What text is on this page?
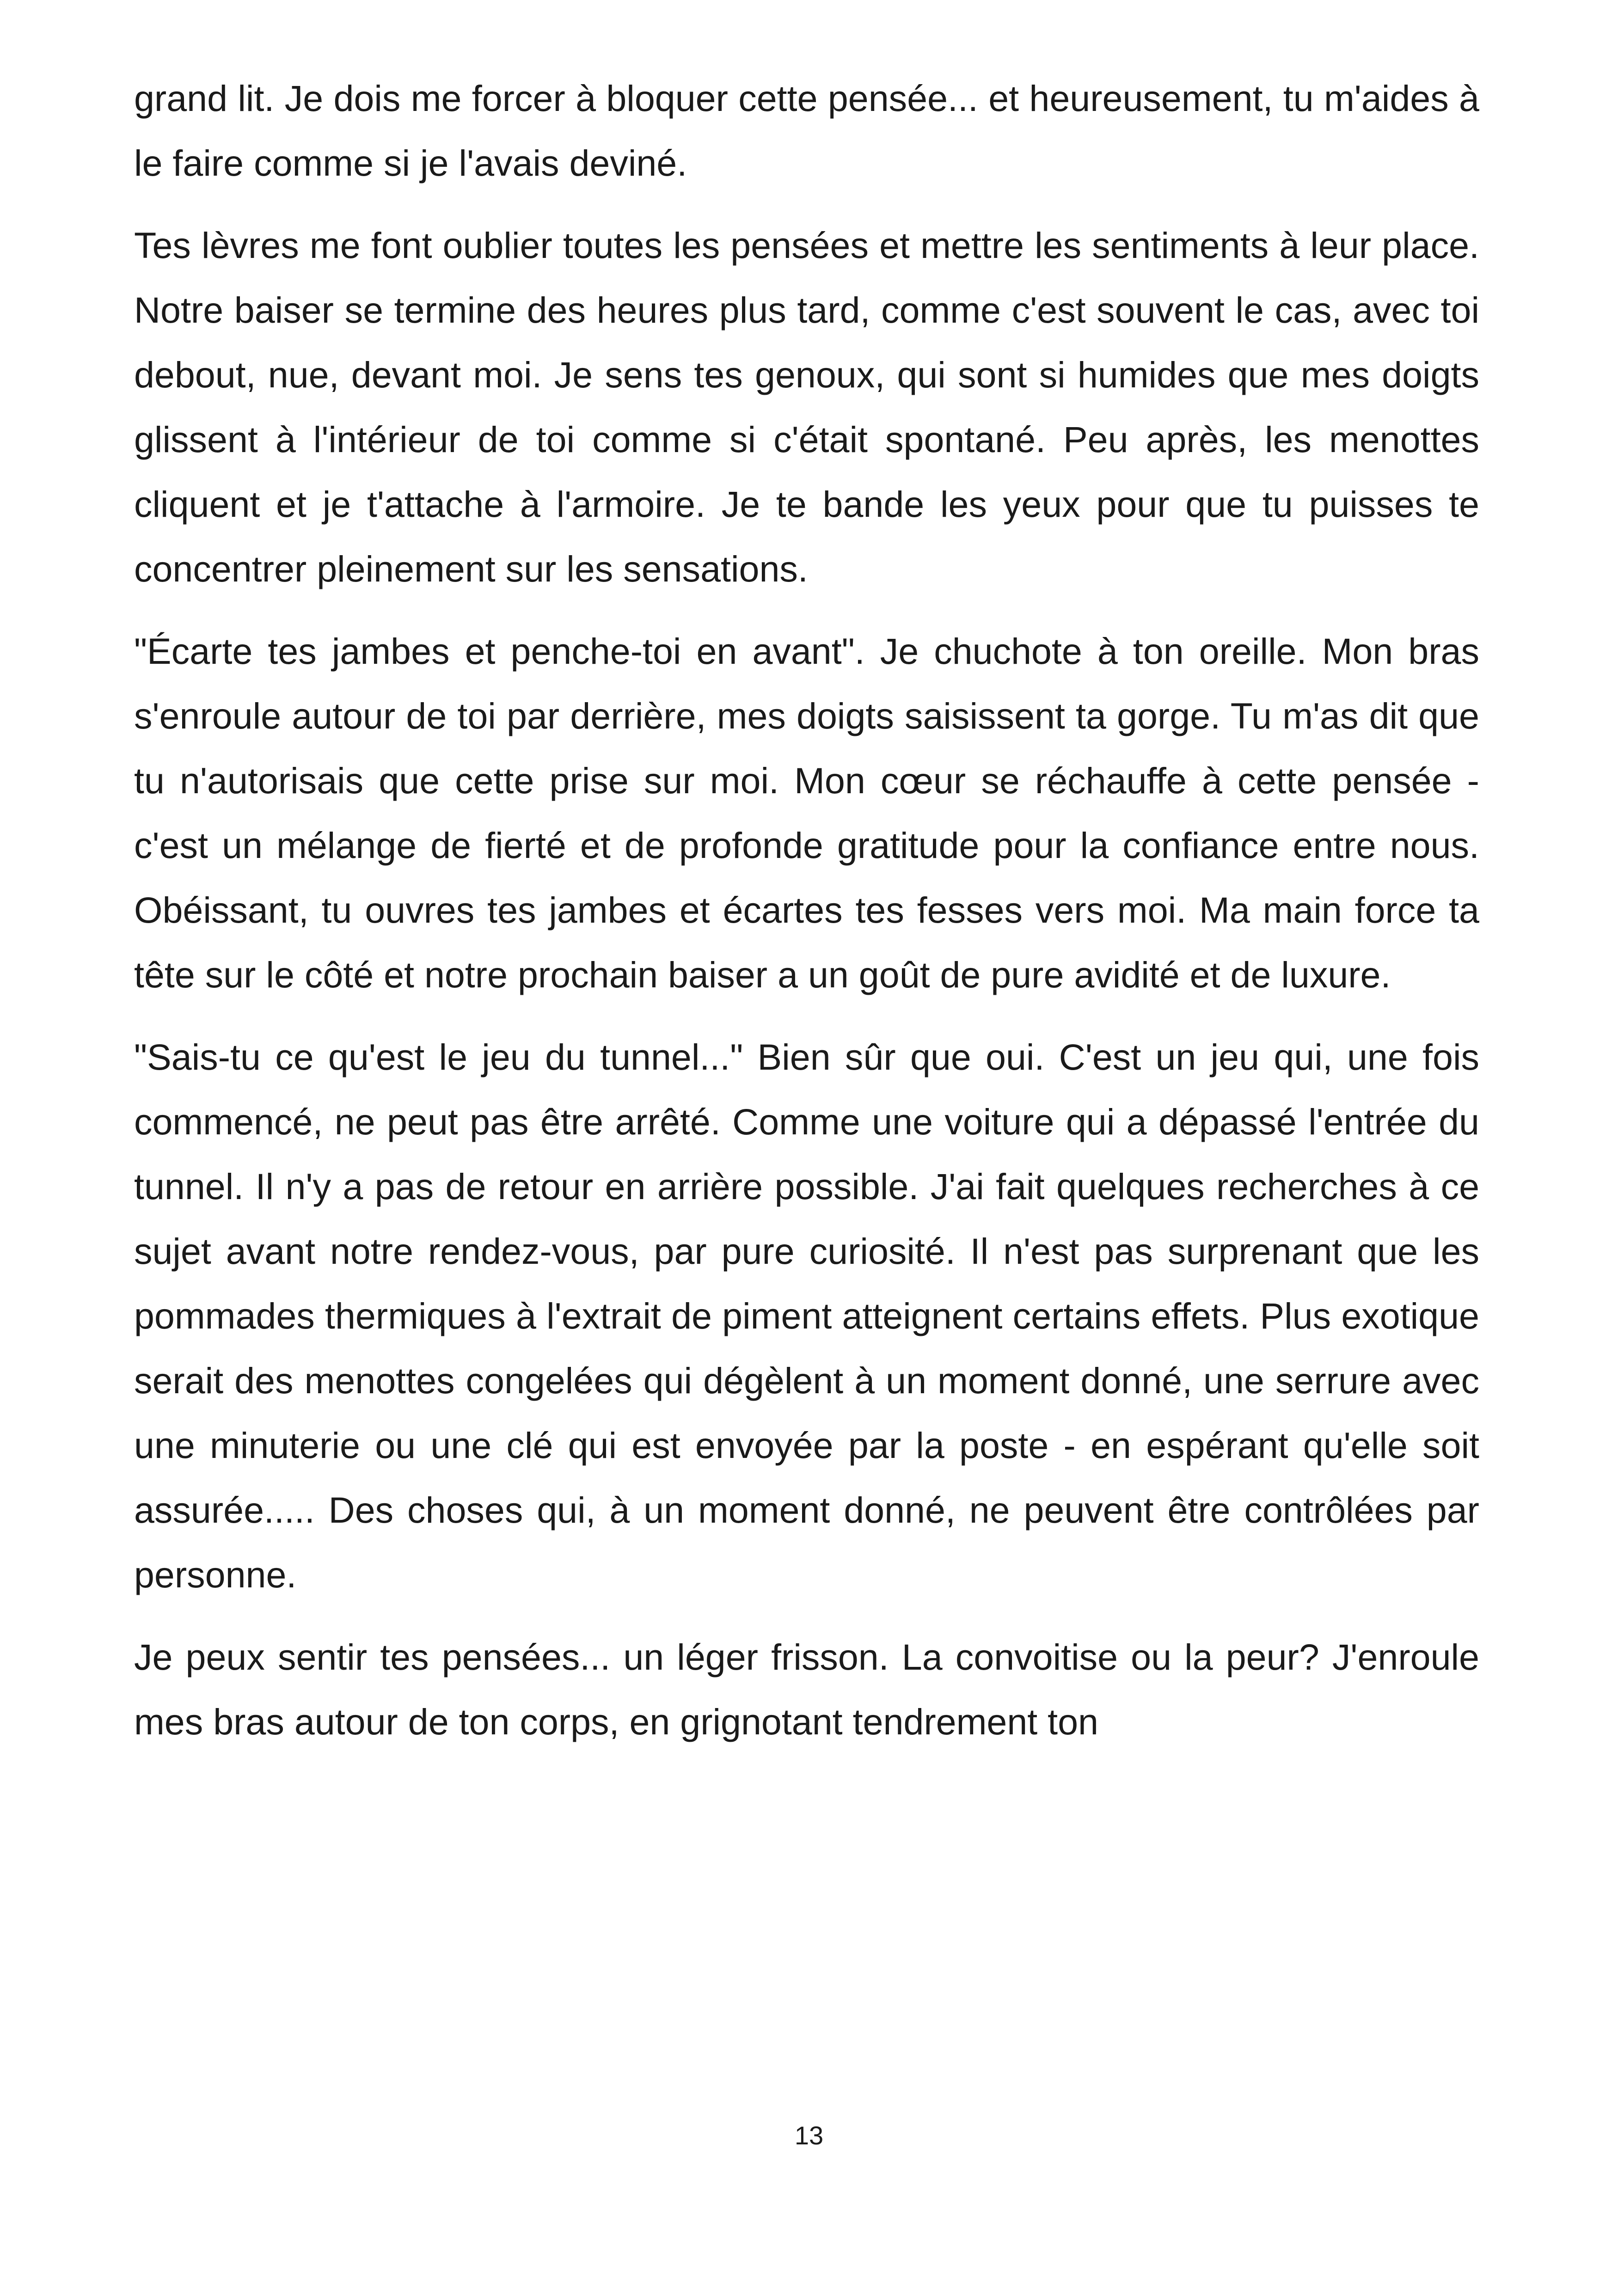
grand lit. Je dois me forcer à bloquer cette pensée... et heureusement, tu m'aides à le faire comme si je l'avais deviné.

Tes lèvres me font oublier toutes les pensées et mettre les sentiments à leur place. Notre baiser se termine des heures plus tard, comme c'est souvent le cas, avec toi debout, nue, devant moi. Je sens tes genoux, qui sont si humides que mes doigts glissent à l'intérieur de toi comme si c'était spontané. Peu après, les menottes cliquent et je t'attache à l'armoire. Je te bande les yeux pour que tu puisses te concentrer pleinement sur les sensations.

"Écarte tes jambes et penche-toi en avant". Je chuchote à ton oreille. Mon bras s'enroule autour de toi par derrière, mes doigts saisissent ta gorge. Tu m'as dit que tu n'autorisais que cette prise sur moi. Mon cœur se réchauffe à cette pensée - c'est un mélange de fierté et de profonde gratitude pour la confiance entre nous. Obéissant, tu ouvres tes jambes et écartes tes fesses vers moi. Ma main force ta tête sur le côté et notre prochain baiser a un goût de pure avidité et de luxure.

"Sais-tu ce qu'est le jeu du tunnel..." Bien sûr que oui. C'est un jeu qui, une fois commencé, ne peut pas être arrêté. Comme une voiture qui a dépassé l'entrée du tunnel. Il n'y a pas de retour en arrière possible. J'ai fait quelques recherches à ce sujet avant notre rendez-vous, par pure curiosité. Il n'est pas surprenant que les pommades thermiques à l'extrait de piment atteignent certains effets. Plus exotique serait des menottes congelées qui dégèlent à un moment donné, une serrure avec une minuterie ou une clé qui est envoyée par la poste - en espérant qu'elle soit assurée..... Des choses qui, à un moment donné, ne peuvent être contrôlées par personne.

Je peux sentir tes pensées... un léger frisson. La convoitise ou la peur? J'enroule mes bras autour de ton corps, en grignotant tendrement ton

13
